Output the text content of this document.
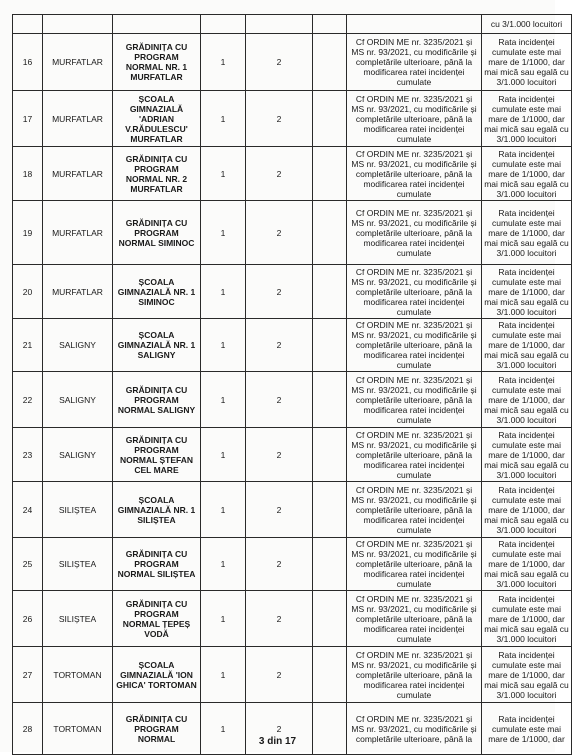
							cu 3/1.000 locuitori
16	MURFATLAR	GRĂDINIȚA CU PROGRAM NORMAL NR. 1 MURFATLAR	1	2		Cf ORDIN ME nr. 3235/2021 și MS nr. 93/2021, cu modificările și completările ulterioare, până la modificarea ratei incidenței cumulate	Rata incidenței cumulate este mai mare de 1/1000, dar mai mică sau egală cu 3/1.000 locuitori
17	MURFATLAR	ȘCOALA GIMNAZIALĂ 'ADRIAN V.RĂDULESCU' MURFATLAR	1	2		Cf ORDIN ME nr. 3235/2021 și MS nr. 93/2021, cu modificările și completările ulterioare, până la modificarea ratei incidenței cumulate	Rata incidenței cumulate este mai mare de 1/1000, dar mai mică sau egală cu 3/1.000 locuitori
18	MURFATLAR	GRĂDINIȚA CU PROGRAM NORMAL NR. 2 MURFATLAR	1	2		Cf ORDIN ME nr. 3235/2021 și MS nr. 93/2021, cu modificările și completările ulterioare, până la modificarea ratei incidenței cumulate	Rata incidenței cumulate este mai mare de 1/1000, dar mai mică sau egală cu 3/1.000 locuitori
19	MURFATLAR	GRĂDINIȚA CU PROGRAM NORMAL SIMINOC	1	2		Cf ORDIN ME nr. 3235/2021 și MS nr. 93/2021, cu modificările și completările ulterioare, până la modificarea ratei incidenței cumulate	Rata incidenței cumulate este mai mare de 1/1000, dar mai mică sau egală cu 3/1.000 locuitori
20	MURFATLAR	ȘCOALA GIMNAZIALĂ NR. 1 SIMINOC	1	2		Cf ORDIN ME nr. 3235/2021 și MS nr. 93/2021, cu modificările și completările ulterioare, până la modificarea ratei incidenței cumulate	Rata incidenței cumulate este mai mare de 1/1000, dar mai mică sau egală cu 3/1.000 locuitori
21	SALIGNY	ȘCOALA GIMNAZIALĂ NR. 1 SALIGNY	1	2		Cf ORDIN ME nr. 3235/2021 și MS nr. 93/2021, cu modificările și completările ulterioare, până la modificarea ratei incidenței cumulate	Rata incidenței cumulate este mai mare de 1/1000, dar mai mică sau egală cu 3/1.000 locuitori
22	SALIGNY	GRĂDINIȚA CU PROGRAM NORMAL SALIGNY	1	2		Cf ORDIN ME nr. 3235/2021 și MS nr. 93/2021, cu modificările și completările ulterioare, până la modificarea ratei incidenței cumulate	Rata incidenței cumulate este mai mare de 1/1000, dar mai mică sau egală cu 3/1.000 locuitori
23	SALIGNY	GRĂDINIȚA CU PROGRAM NORMAL ȘTEFAN CEL MARE	1	2		Cf ORDIN ME nr. 3235/2021 și MS nr. 93/2021, cu modificările și completările ulterioare, până la modificarea ratei incidenței cumulate	Rata incidenței cumulate este mai mare de 1/1000, dar mai mică sau egală cu 3/1.000 locuitori
24	SILIȘTEA	ȘCOALA GIMNAZIALĂ NR. 1 SILIȘTEA	1	2		Cf ORDIN ME nr. 3235/2021 și MS nr. 93/2021, cu modificările și completările ulterioare, până la modificarea ratei incidenței cumulate	Rata incidenței cumulate este mai mare de 1/1000, dar mai mică sau egală cu 3/1.000 locuitori
25	SILIȘTEA	GRĂDINIȚA CU PROGRAM NORMAL SILIȘTEA	1	2		Cf ORDIN ME nr. 3235/2021 și MS nr. 93/2021, cu modificările și completările ulterioare, până la modificarea ratei incidenței cumulate	Rata incidenței cumulate este mai mare de 1/1000, dar mai mică sau egală cu 3/1.000 locuitori
26	SILIȘTEA	GRĂDINIȚA CU PROGRAM NORMAL ȚEPEȘ VODĂ	1	2		Cf ORDIN ME nr. 3235/2021 și MS nr. 93/2021, cu modificările și completările ulterioare, până la modificarea ratei incidenței cumulate	Rata incidenței cumulate este mai mare de 1/1000, dar mai mică sau egală cu 3/1.000 locuitori
27	TORTOMAN	ȘCOALA GIMNAZIALĂ 'ION GHICA' TORTOMAN	1	2		Cf ORDIN ME nr. 3235/2021 și MS nr. 93/2021, cu modificările și completările ulterioare, până la modificarea ratei incidenței cumulate	Rata incidenței cumulate este mai mare de 1/1000, dar mai mică sau egală cu 3/1.000 locuitori
28	TORTOMAN	GRĂDINIȚA CU PROGRAM NORMAL	1	2		Cf ORDIN ME nr. 3235/2021 și MS nr. 93/2021, cu modificările și completările ulterioare, până la	Rata incidenței cumulate este mai mare de 1/1000, dar
3 din 17
